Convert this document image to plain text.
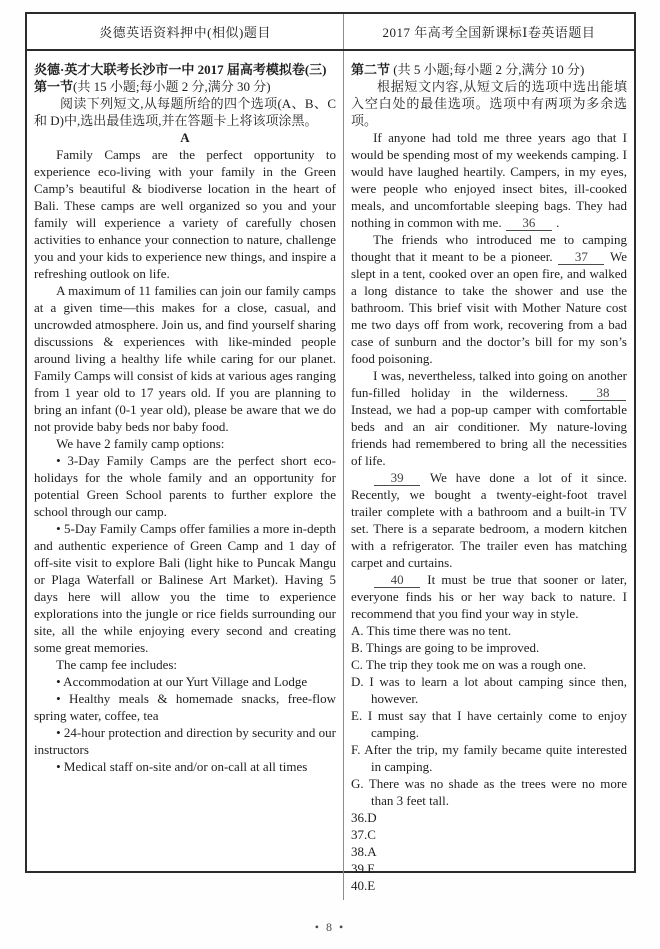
炎德英语资料押中(相似)题目	2017 年高考全国新课标Ⅰ卷英语题目
炎德·英才大联考长沙市一中 2017 届高考模拟卷(三)
第一节(共 15 小题;每小题 2 分,满分 30 分)
阅读下列短文,从每题所给的四个选项(A、B、C 和 D)中,选出最佳选项,并在答题卡上将该项涂黑。
A
Family Camps are the perfect opportunity to experience eco-living with your family in the Green Camp’s beautiful & biodiverse location in the heart of Bali. These camps are well organized so you and your family will experience a variety of carefully chosen activities to enhance your connection to nature, challenge you and your kids to experience new things, and inspire a refreshing outlook on life.
A maximum of 11 families can join our family camps at a given time—this makes for a close, casual, and uncrowded atmosphere. Join us, and find yourself sharing discussions & experiences with like-minded people around living a healthy life while caring for our planet. Family Camps will consist of kids at various ages ranging from 1 year old to 17 years old. If you are planning to bring an infant (0-1 year old), please be aware that we do not provide baby beds nor baby food.
We have 2 family camp options:
• 3-Day Family Camps are the perfect short eco-holidays for the whole family and an opportunity for potential Green School parents to further explore the school through our camp.
• 5-Day Family Camps offer families a more in-depth and authentic experience of Green Camp and 1 day of off-site visit to explore Bali (light hike to Puncak Mangu or Plaga Waterfall or Balinese Art Market). Having 5 days here will allow you the time to experience explorations into the jungle or rice fields surrounding our site, all the while enjoying every second and creating some great memories.
The camp fee includes:
• Accommodation at our Yurt Village and Lodge
• Healthy meals & homemade snacks, free-flow spring water, coffee, tea
• 24-hour protection and direction by security and our instructors
• Medical staff on-site and/or on-call at all times
第二节 (共 5 小题;每小题 2 分,满分 10 分)
根据短文内容,从短文后的选项中选出能填入空白处的最佳选项。选项中有两项为多余选项。
If anyone had told me three years ago that I would be spending most of my weekends camping. I would have laughed heartily. Campers, in my eyes, were people who enjoyed insect bites, ill-cooked meals, and uncomfortable sleeping bags. They had nothing in common with me. 36 .
The friends who introduced me to camping thought that it meant to be a pioneer. 37 We slept in a tent, cooked over an open fire, and walked a long distance to take the shower and use the bathroom. This brief visit with Mother Nature cost me two days off from work, recovering from a bad case of sunburn and the doctor’s bill for my son’s food poisoning.
I was, nevertheless, talked into going on another fun-filled holiday in the wilderness. 38 Instead, we had a pop-up camper with comfortable beds and an air conditioner. My nature-loving friends had remembered to bring all the necessities of life.
39 We have done a lot of it since. Recently, we bought a twenty-eight-foot travel trailer complete with a bathroom and a built-in TV set. There is a separate bedroom, a modern kitchen with a refrigerator. The trailer even has matching carpet and curtains.
40 It must be true that sooner or later, everyone finds his or her way back to nature. I recommend that you find your way in style.
A. This time there was no tent.
B. Things are going to be improved.
C. The trip they took me on was a rough one.
D. I was to learn a lot about camping since then, however.
E. I must say that I have certainly come to enjoy camping.
F. After the trip, my family became quite interested in camping.
G. There was no shade as the trees were no more than 3 feet tall.
36.D
37.C
38.A
39.F
40.E
• 8 •
